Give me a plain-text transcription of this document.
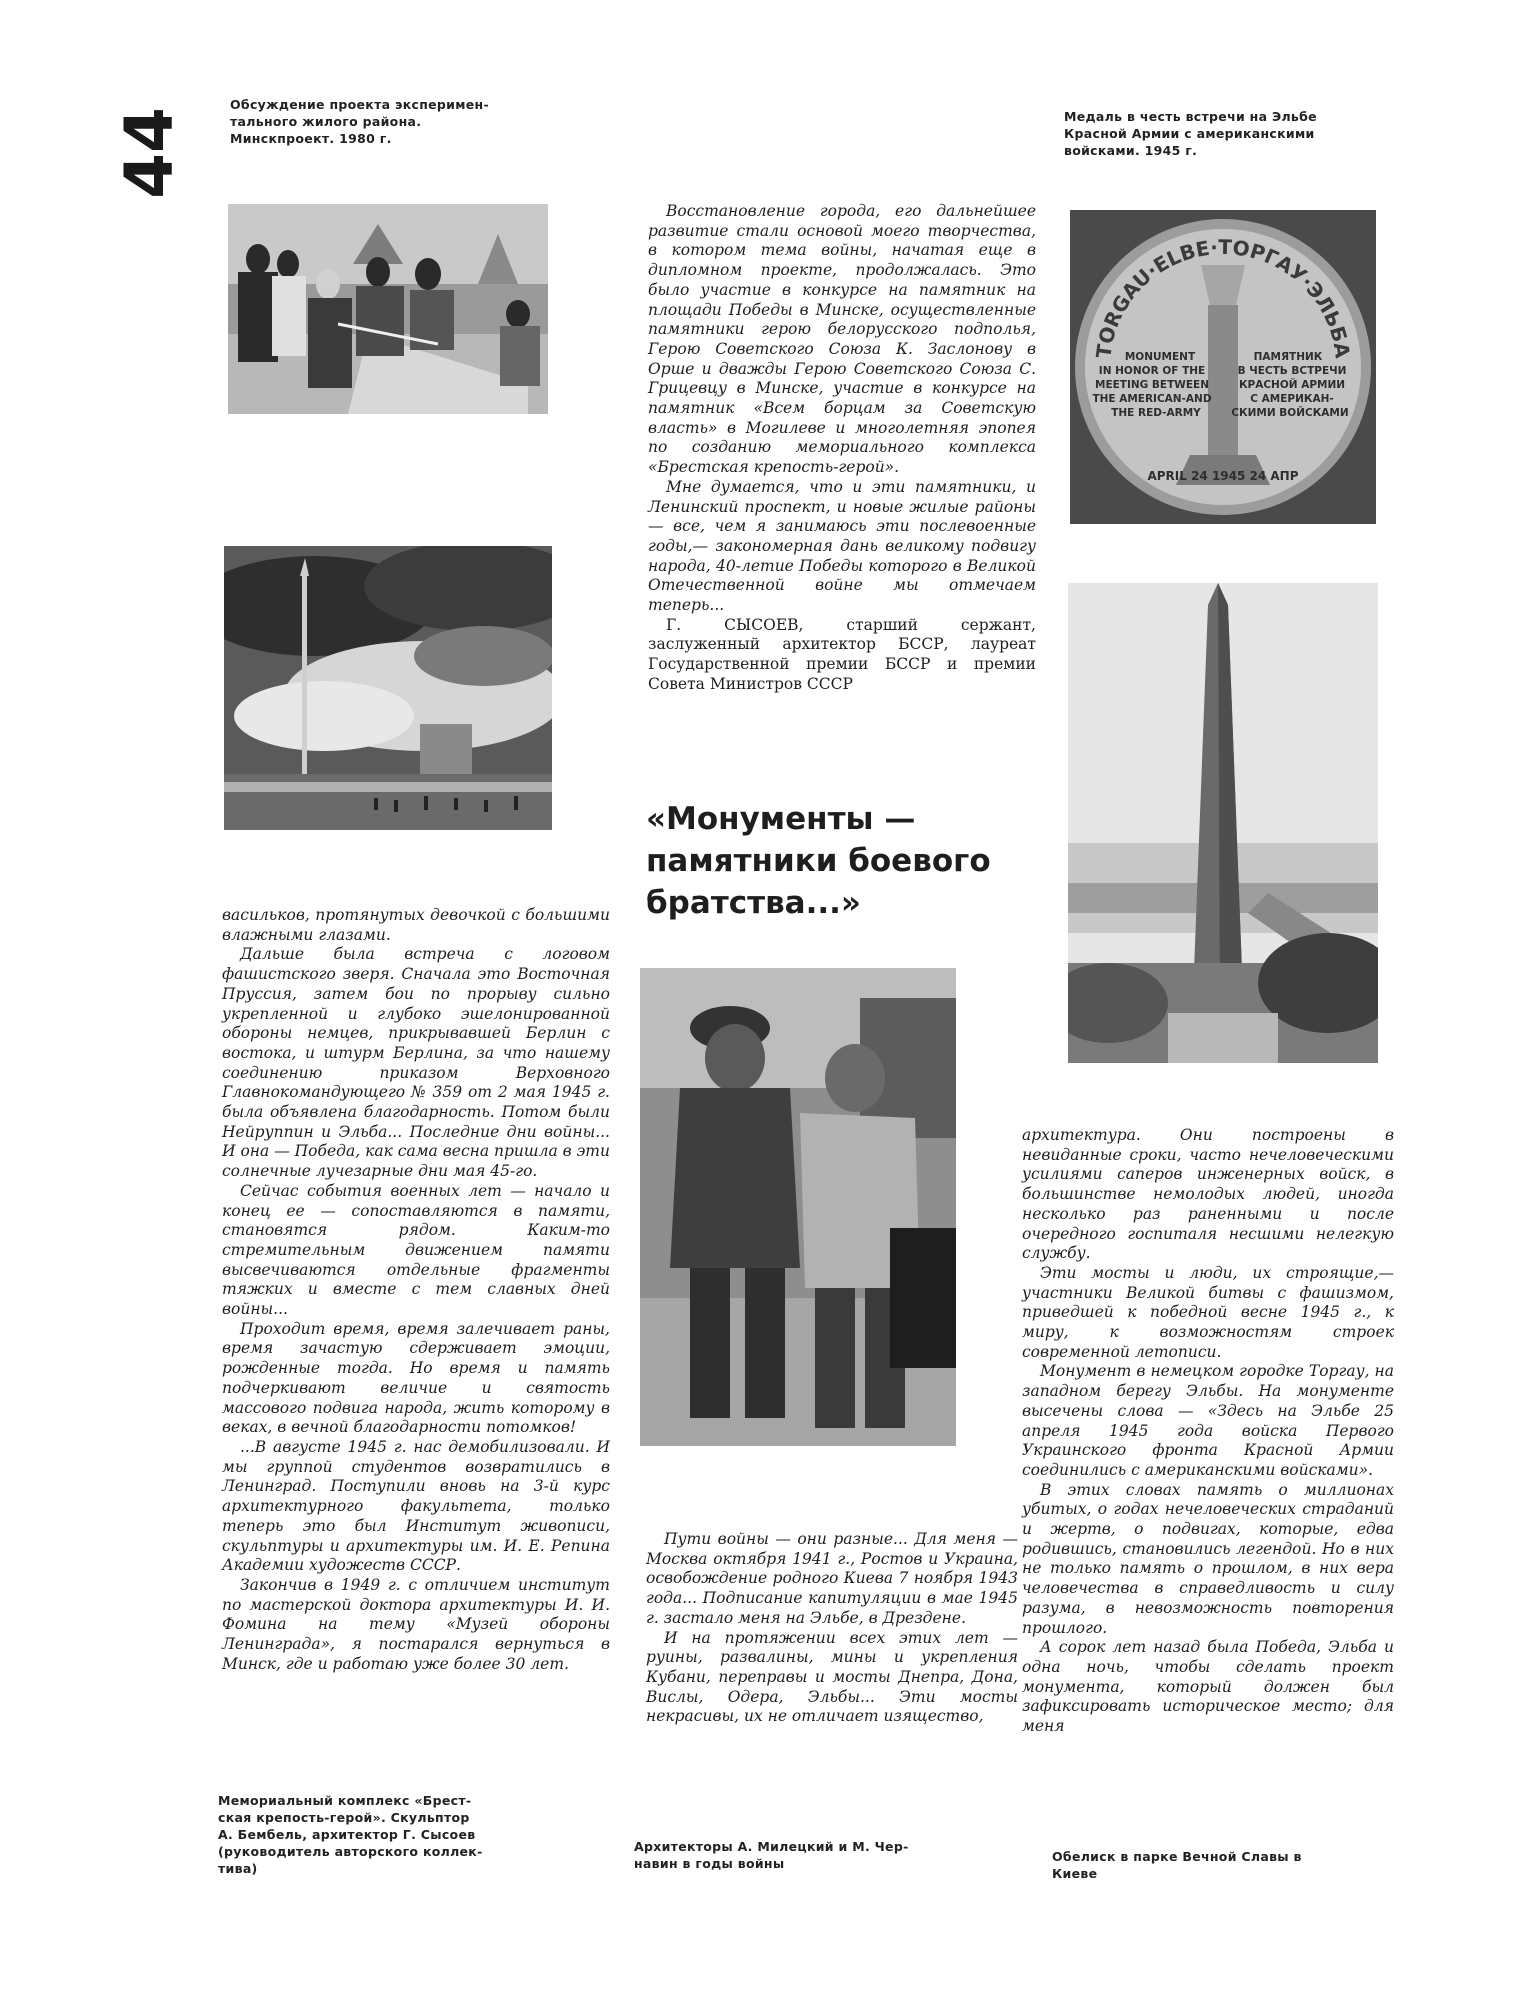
44
Обсуждение проекта эксперимен-
тального жилого района.
Минскпроект. 1980 г.
Медаль в честь встречи на Эльбе
Красной Армии с американскими
войсками. 1945 г.
TORGAU·ELBE·ТОРГАУ·ЭЛЬБА
MONUMENT
IN HONOR OF THE
MEETING BETWEEN
THE AMERICAN-AND
THE RED-ARMY
ПАМЯТНИК
В ЧЕСТЬ ВСТРЕЧИ
КРАСНОЙ АРМИИ
С АМЕРИКАН-
СКИМИ ВОЙСКАМИ
APRIL 24 1945 24 АПР

Восстановление города, его дальнейшее развитие стали основой моего творчества, в котором тема войны, начатая еще в дипломном проекте, продолжалась. Это было участие в конкурсе на памятник на площади Победы в Минске, осуществленные памятники герою белорусского подполья, Герою Советского Союза К. Заслонову в Орше и дважды Герою Советского Союза С. Грицевцу в Минске, участие в конкурсе на памятник «Всем борцам за Советскую власть» в Могилеве и многолетняя эпопея по созданию мемориального комплекса «Брестская крепость-герой».

Мне думается, что и эти памятники, и Ленинский проспект, и новые жилые районы — все, чем я занимаюсь эти послевоенные годы,— закономерная дань великому подвигу народа, 40-летие Победы которого в Великой Отечественной войне мы отмечаем теперь...

Г. СЫСОЕВ, старший сержант, заслуженный архитектор БССР, лауреат Государственной премии БССР и премии Совета Министров СССР

«Монументы —
памятники боевого
братства...»

васильков, протянутых девочкой с большими влажными глазами.

Дальше была встреча с логовом фашистского зверя. Сначала это Восточная Пруссия, затем бои по прорыву сильно укрепленной и глубоко эшелонированной обороны немцев, прикрывавшей Берлин с востока, и штурм Берлина, за что нашему соединению приказом Верховного Главнокомандующего № 359 от 2 мая 1945 г. была объявлена благодарность. Потом были Нейруппин и Эльба... Последние дни войны... И она — Победа, как сама весна пришла в эти солнечные лучезарные дни мая 45-го.

Сейчас события военных лет — начало и конец ее — сопоставляются в памяти, становятся рядом. Каким-то стремительным движением памяти высвечиваются отдельные фрагменты тяжких и вместе с тем славных дней войны...

Проходит время, время залечивает раны, время зачастую сдерживает эмоции, рожденные тогда. Но время и память подчеркивают величие и святость массового подвига народа, жить которому в веках, в вечной благодарности потомков!

...В августе 1945 г. нас демобилизовали. И мы группой студентов возвратились в Ленинград. Поступили вновь на 3-й курс архитектурного факультета, только теперь это был Институт живописи, скульптуры и архитектуры им. И. Е. Репина Академии художеств СССР.

Закончив в 1949 г. с отличием институт по мастерской доктора архитектуры И. И. Фомина на тему «Музей обороны Ленинграда», я постарался вернуться в Минск, где и работаю уже более 30 лет.

Пути войны — они разные... Для меня — Москва октября 1941 г., Ростов и Украина, освобождение родного Киева 7 ноября 1943 года... Подписание капитуляции в мае 1945 г. застало меня на Эльбе, в Дрездене.

И на протяжении всех этих лет — руины, развалины, мины и укрепления Кубани, переправы и мосты Днепра, Дона, Вислы, Одера, Эльбы... Эти мосты некрасивы, их не отличает изящество,

архитектура. Они построены в невиданные сроки, часто нечеловеческими усилиями саперов инженерных войск, в большинстве немолодых людей, иногда несколько раз раненными и после очередного госпиталя несшими нелегкую службу.

Эти мосты и люди, их строящие,— участники Великой битвы с фашизмом, приведшей к победной весне 1945 г., к миру, к возможностям строек современной летописи.

Монумент в немецком городке Торгау, на западном берегу Эльбы. На монументе высечены слова — «Здесь на Эльбе 25 апреля 1945 года войска Первого Украинского фронта Красной Армии соединились с американскими войсками».

В этих словах память о миллионах убитых, о годах нечеловеческих страданий и жертв, о подвигах, которые, едва родившись, становились легендой. Но в них не только память о прошлом, в них вера человечества в справедливость и силу разума, в невозможность повторения прошлого.

А сорок лет назад была Победа, Эльба и одна ночь, чтобы сделать проект монумента, который должен был зафиксировать историческое место; для меня

Мемориальный комплекс «Брест-
ская крепость-герой». Скульптор
А. Бембель, архитектор Г. Сысоев
(руководитель авторского коллек-
тива)
Архитекторы А. Милецкий и М. Чер-
навин в годы войны	Обелиск в парке Вечной Славы в
Киеве
